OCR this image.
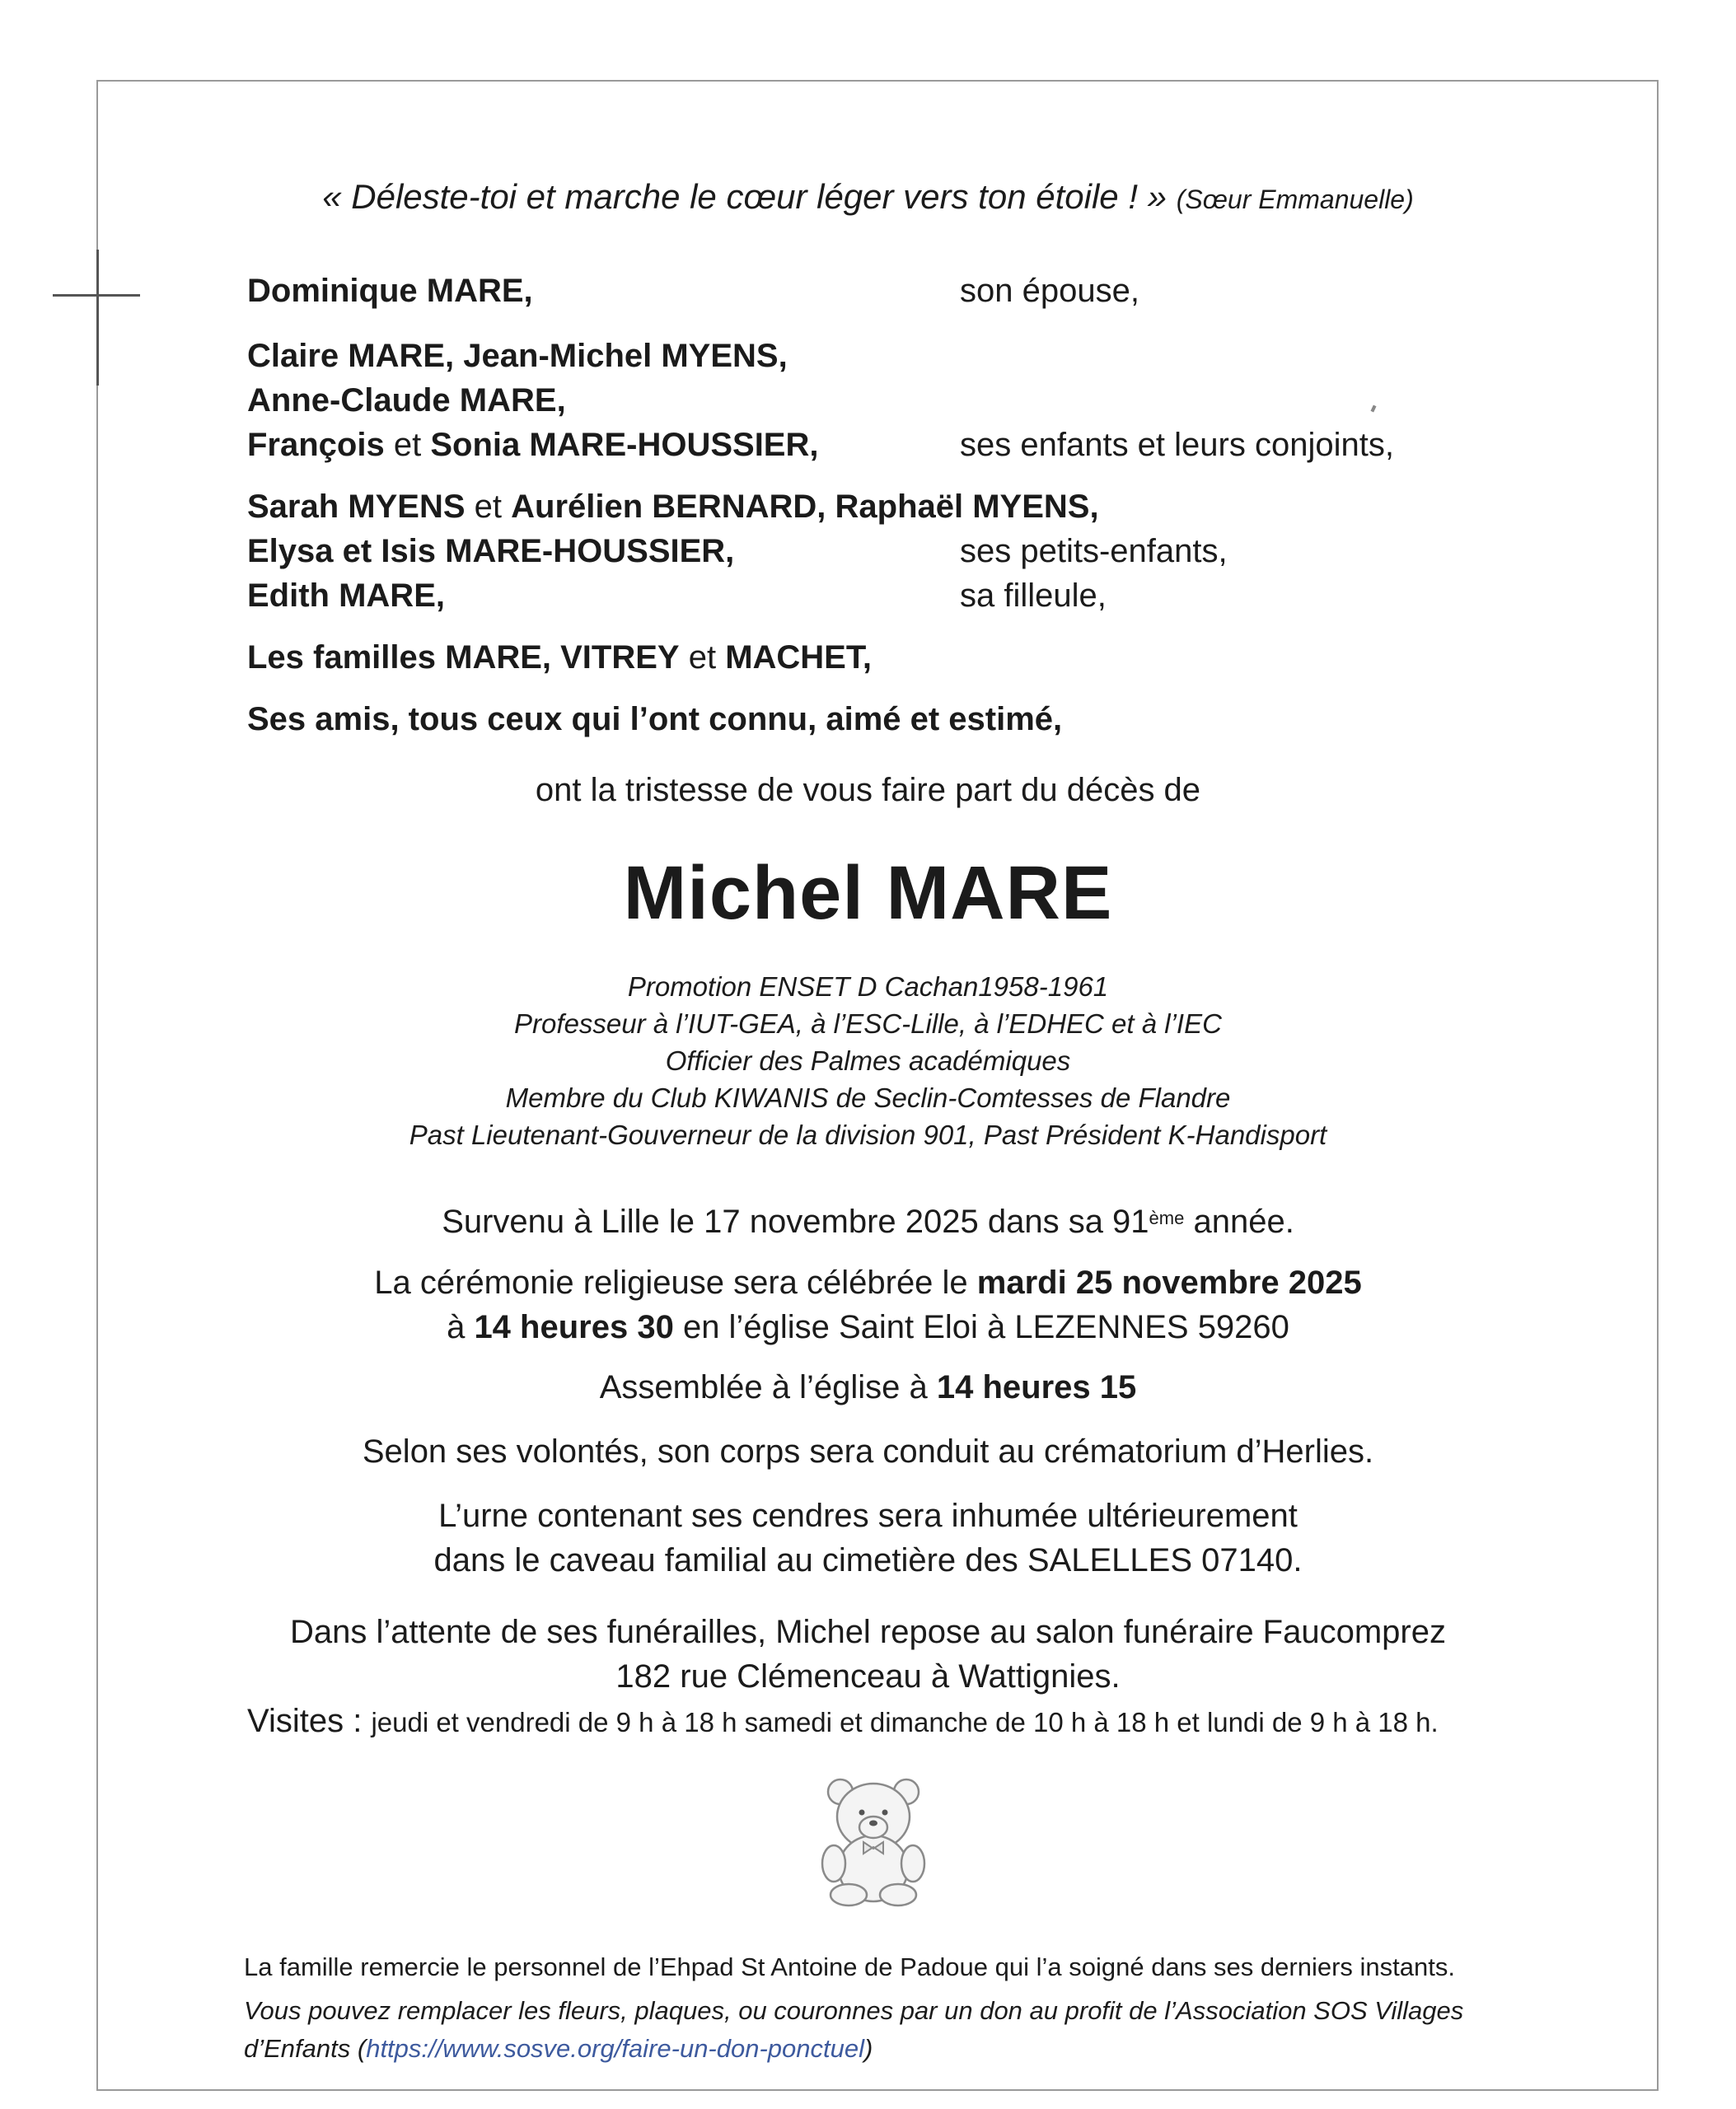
« Déleste-toi et marche le cœur léger vers ton étoile ! » (Sœur Emmanuelle)
Dominique MARE,	son épouse,
Claire MARE, Jean-Michel MYENS,
Anne-Claude MARE,
François et Sonia MARE-HOUSSIER,	ses enfants et leurs conjoints,
Sarah MYENS et Aurélien BERNARD, Raphaël MYENS,
Elysa et Isis MARE-HOUSSIER,	ses petits-enfants,
Edith MARE,	sa filleule,
Les familles MARE, VITREY et MACHET,
Ses amis, tous ceux qui l’ont connu, aimé et estimé,
ont la tristesse de vous faire part du décès de
Michel MARE
Promotion ENSET D Cachan1958-1961
Professeur à l’IUT-GEA, à l’ESC-Lille, à l’EDHEC et à l’IEC
Officier des Palmes académiques
Membre du Club KIWANIS de Seclin-Comtesses de Flandre
Past Lieutenant-Gouverneur de la division 901, Past Président K-Handisport
Survenu à Lille le 17 novembre 2025 dans sa 91ème année.
La cérémonie religieuse sera célébrée le mardi 25 novembre 2025
à 14 heures 30 en l’église Saint Eloi à LEZENNES 59260
Assemblée à l’église à 14 heures 15
Selon ses volontés, son corps sera conduit au crématorium d’Herlies.
L’urne contenant ses cendres sera inhumée ultérieurement
dans le caveau familial au cimetière des SALELLES 07140.
Dans l’attente de ses funérailles, Michel repose au salon funéraire Faucomprez
182 rue Clémenceau à Wattignies.
Visites : jeudi et vendredi de 9 h à 18 h samedi et dimanche de 10 h à 18 h et lundi de 9 h à 18 h.
La famille remercie le personnel de l’Ehpad St Antoine de Padoue qui l’a soigné dans ses derniers instants.
Vous pouvez remplacer les fleurs, plaques, ou couronnes par un don au profit de l’Association SOS Villages
d’Enfants (https://www.sosve.org/faire-un-don-ponctuel)
